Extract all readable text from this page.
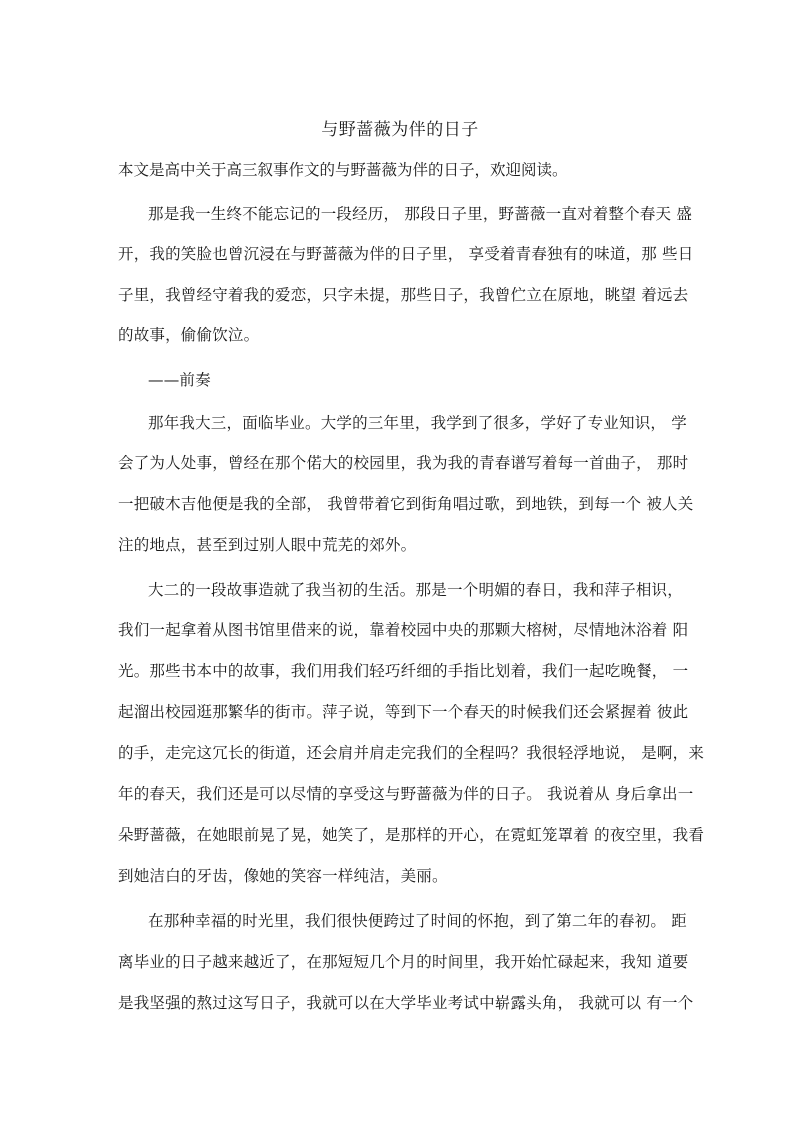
与野蔷薇为伴的日子
本文是高中关于高三叙事作文的与野蔷薇为伴的日子，欢迎阅读。
那是我一生终不能忘记的一段经历， 那段日子里，野蔷薇一直对着整个春天 盛
开，我的笑脸也曾沉浸在与野蔷薇为伴的日子里， 享受着青春独有的味道，那 些日
子里，我曾经守着我的爱恋，只字未提，那些日子，我曾伫立在原地，眺望 着远去
的故事，偷偷饮泣。
——前奏
那年我大三，面临毕业。大学的三年里，我学到了很多，学好了专业知识， 学
会了为人处事，曾经在那个偌大的校园里，我为我的青春谱写着每一首曲子， 那时
一把破木吉他便是我的全部， 我曾带着它到街角唱过歌，到地铁，到每一个 被人关
注的地点，甚至到过别人眼中荒芜的郊外。
大二的一段故事造就了我当初的生活。那是一个明媚的春日，我和萍子相识，
我们一起拿着从图书馆里借来的说，靠着校园中央的那颗大榕树，尽情地沐浴着 阳
光。那些书本中的故事，我们用我们轻巧纤细的手指比划着，我们一起吃晚餐， 一
起溜出校园逛那繁华的街市。萍子说，等到下一个春天的时候我们还会紧握着 彼此
的手，走完这冗长的街道，还会肩并肩走完我们的全程吗？我很轻浮地说， 是啊，来
年的春天，我们还是可以尽情的享受这与野蔷薇为伴的日子。 我说着从 身后拿出一
朵野蔷薇，在她眼前晃了晃，她笑了，是那样的开心，在霓虹笼罩着 的夜空里，我看
到她洁白的牙齿，像她的笑容一样纯洁，美丽。
在那种幸福的时光里，我们很快便跨过了时间的怀抱，到了第二年的春初。 距
离毕业的日子越来越近了，在那短短几个月的时间里，我开始忙碌起来，我知 道要
是我坚强的熬过这写日子，我就可以在大学毕业考试中崭露头角， 我就可以 有一个
